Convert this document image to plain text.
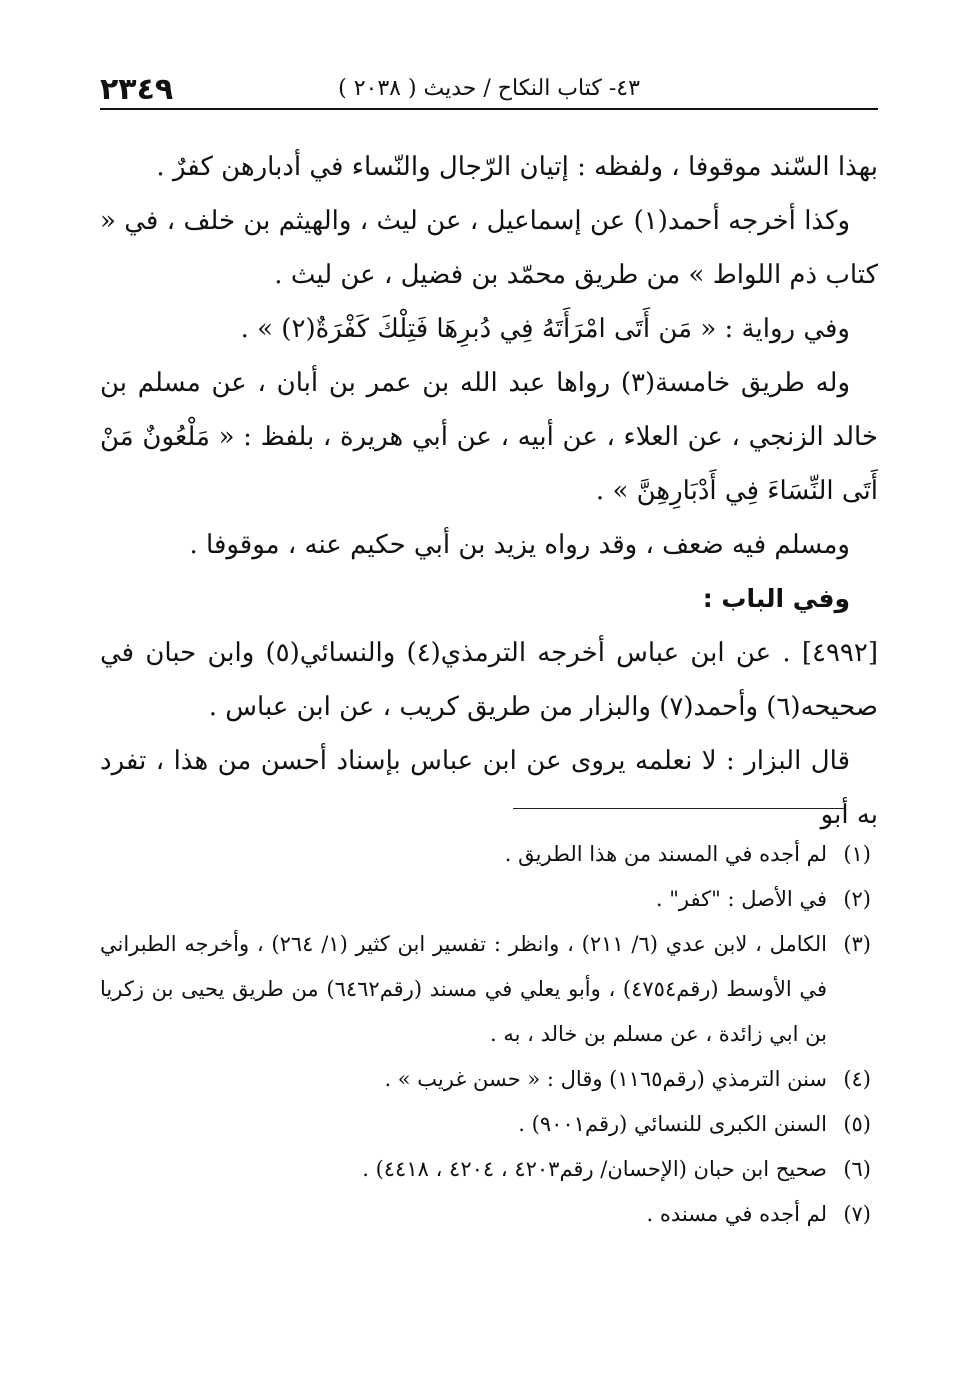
٢٣٤٩	٤٣- كتاب النكاح / حديث ( ٢٠٣٨ )

بهذا السّند موقوفا ، ولفظه : إتيان الرّجال والنّساء في أدبارهن كفرٌ .

وكذا أخرجه أحمد(١) عن إسماعيل ، عن ليث ، والهيثم بن خلف ، في « كتاب ذم اللواط » من طريق محمّد بن فضيل ، عن ليث .

وفي رواية : « مَن أَتَى امْرَأَتَهُ فِي دُبرِهَا فَتِلْكَ كَفْرَةٌ(٢) » .

وله طريق خامسة(٣) رواها عبد الله بن عمر بن أبان ، عن مسلم بن خالد الزنجي ، عن العلاء ، عن أبيه ، عن أبي هريرة ، بلفظ : « مَلْعُونٌ مَنْ أَتَى النِّسَاءَ فِي أَدْبَارِهِنَّ » .

ومسلم فيه ضعف ، وقد رواه يزيد بن أبي حكيم عنه ، موقوفا .

وفي الباب :

[٤٩٩٢] . عن ابن عباس أخرجه الترمذي(٤) والنسائي(٥) وابن حبان في صحيحه(٦) وأحمد(٧) والبزار من طريق كريب ، عن ابن عباس .

قال البزار : لا نعلمه يروى عن ابن عباس بإسناد أحسن من هذا ، تفرد به أبو

(١)
لم أجده في المسند من هذا الطريق .
(٢)
في الأصل : "كفر" .
(٣)
الكامل ، لابن عدي (٦/ ٢١١) ، وانظر : تفسير ابن كثير (١/ ٢٦٤) ، وأخرجه الطبراني في الأوسط (رقم٤٧٥٤) ، وأبو يعلي في مسند (رقم٦٤٦٢) من طريق يحيى بن زكريا بن ابي زائدة ، عن مسلم بن خالد ، به .
(٤)
سنن الترمذي (رقم١١٦٥) وقال : « حسن غريب » .
(٥)
السنن الكبرى للنسائي (رقم٩٠٠١) .
(٦)
صحيح ابن حبان (الإحسان/ رقم٤٢٠٣ ، ٤٢٠٤ ، ٤٤١٨) .
(٧)
لم أجده في مسنده .
